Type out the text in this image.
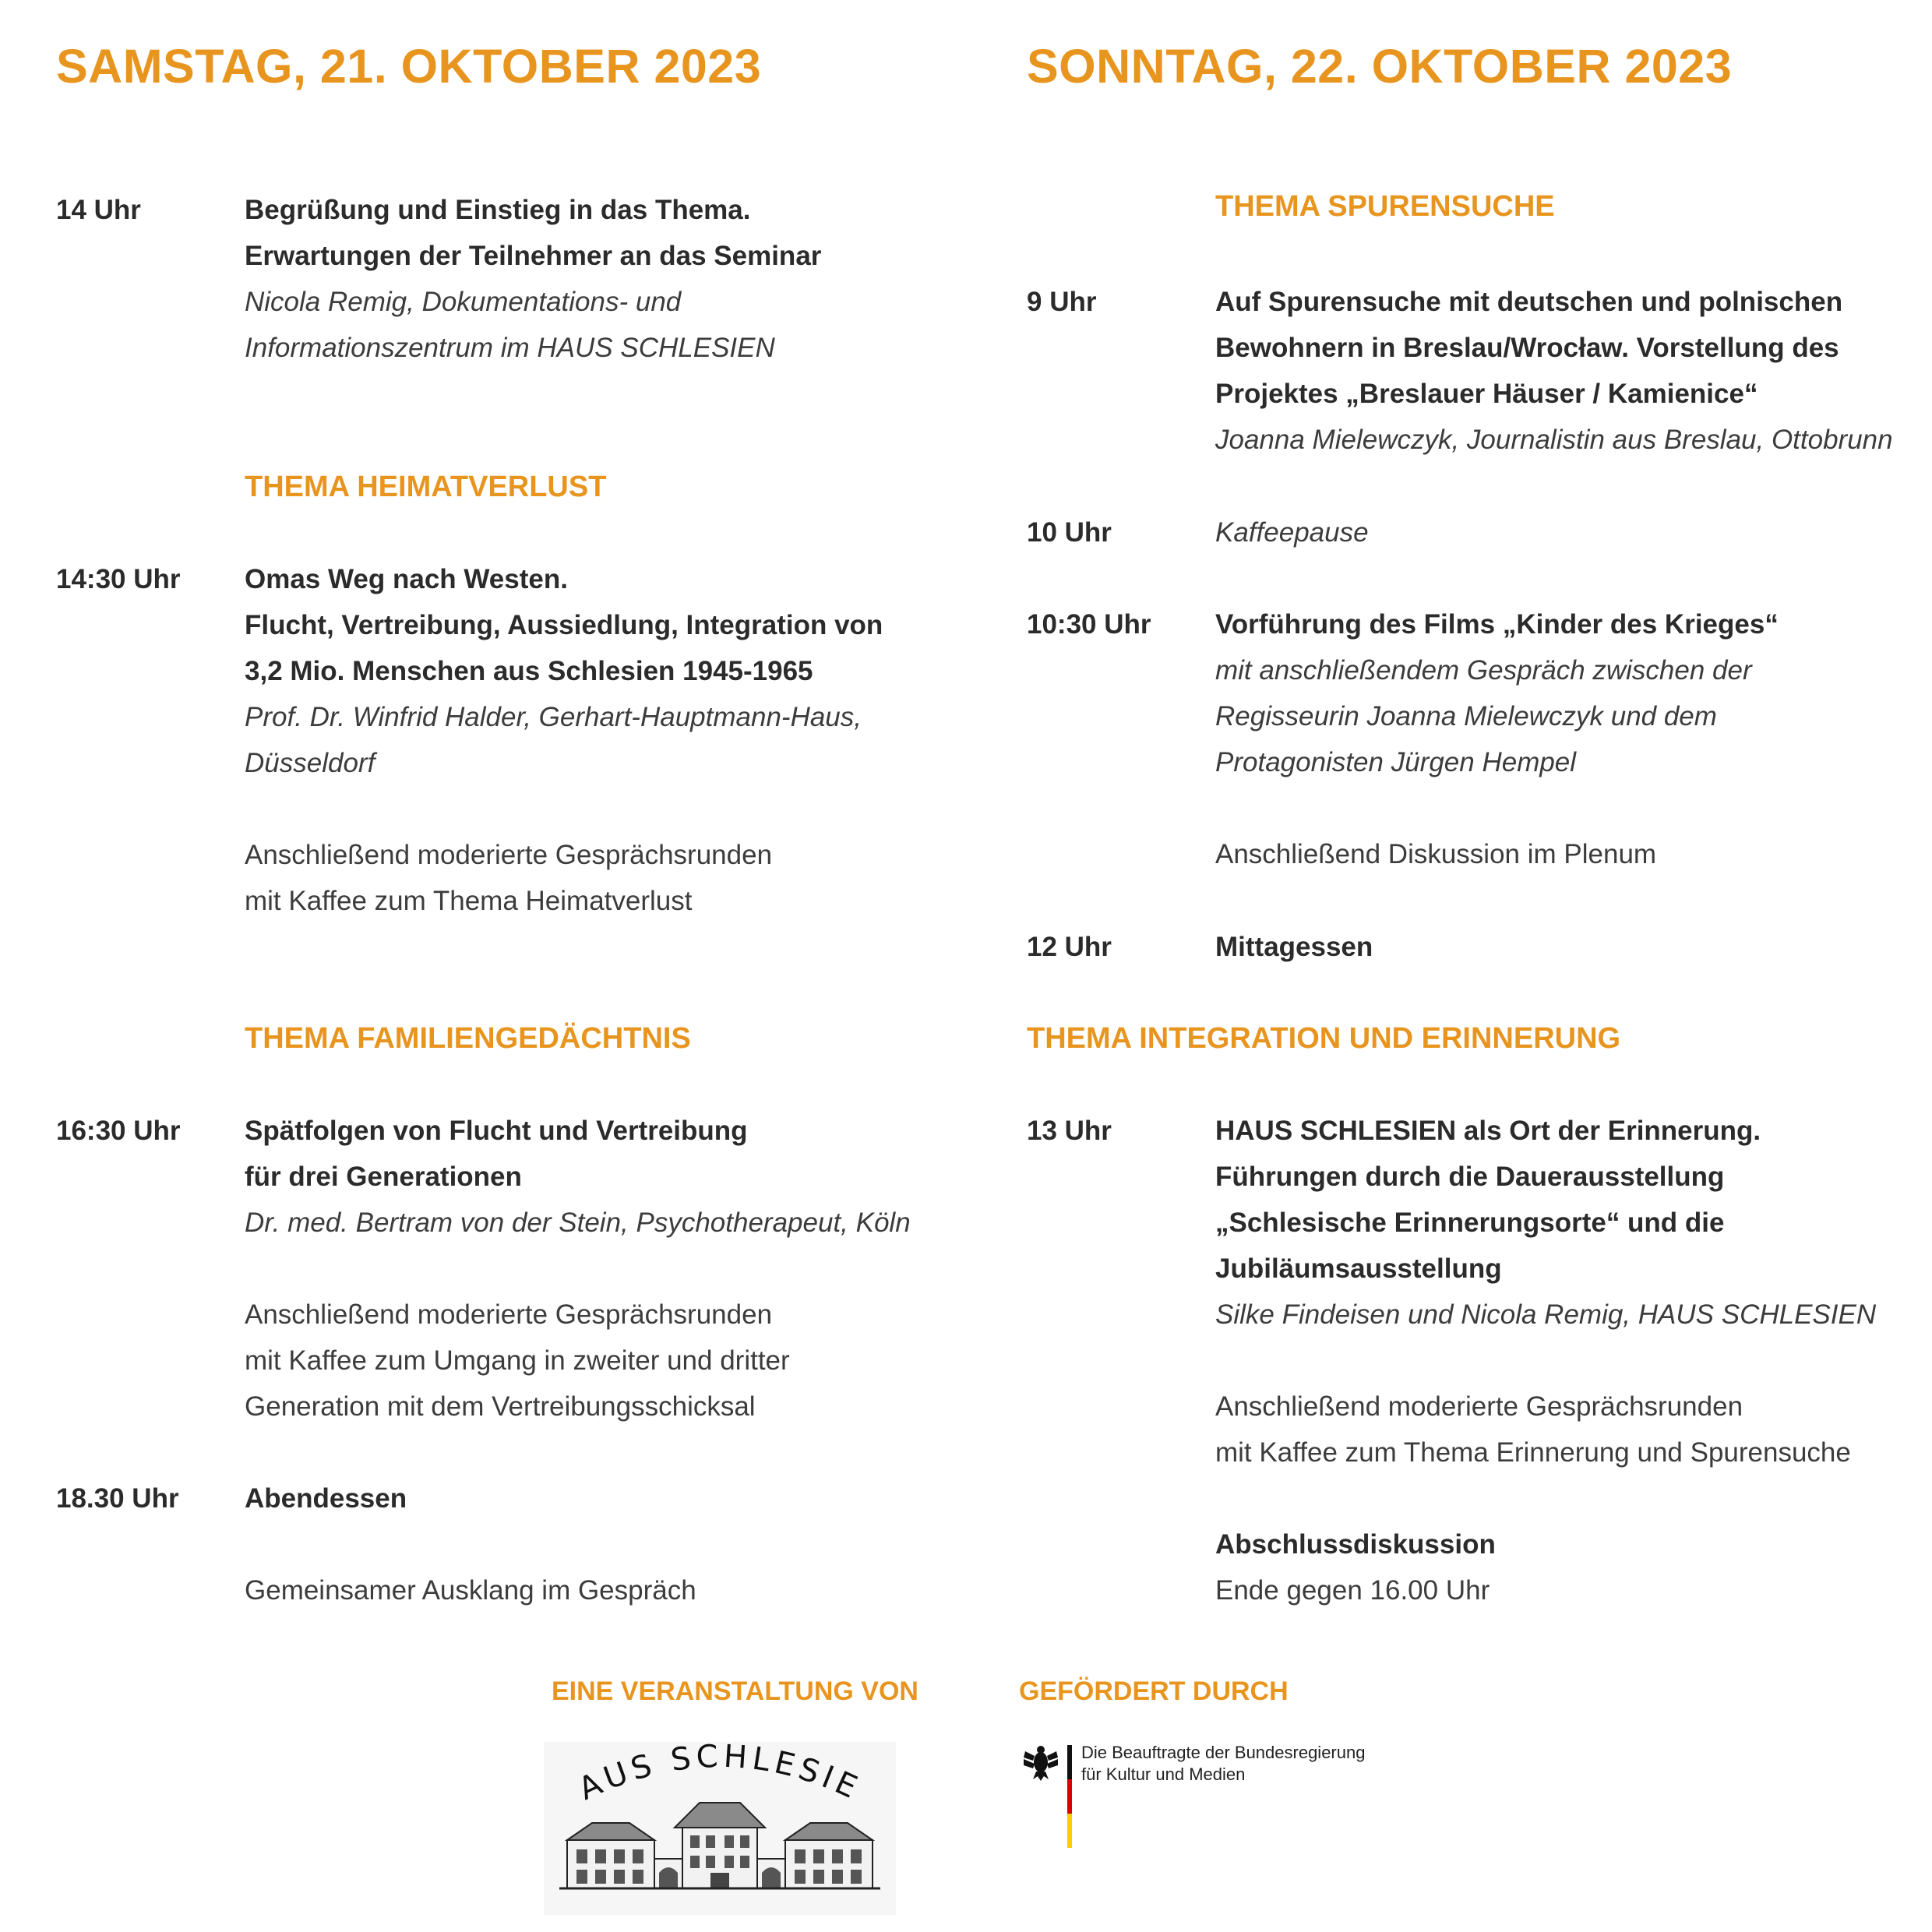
SAMSTAG, 21. OKTOBER 2023
14 Uhr	Begrüßung und Einstieg in das Thema.
Erwartungen der Teilnehmer an das Seminar
Nicola Remig, Dokumentations- und
Informationszentrum im HAUS SCHLESIEN
THEMA HEIMATVERLUST
14:30 Uhr Omas Weg nach Westen.
Flucht, Vertreibung, Aussiedlung, Integration von
3,2 Mio. Menschen aus Schlesien 1945-1965
Prof. Dr. Winfrid Halder, Gerhart-Hauptmann-Haus,
Düsseldorf
Anschließend moderierte Gesprächsrunden
mit Kaffee zum Thema Heimatverlust
THEMA FAMILIENGEDÄCHTNIS
16:30 Uhr Spätfolgen von Flucht und Vertreibung
für drei Generationen
Dr. med. Bertram von der Stein, Psychotherapeut, Köln
Anschließend moderierte Gesprächsrunden
mit Kaffee zum Umgang in zweiter und dritter
Generation mit dem Vertreibungsschicksal
18.30 Uhr Abendessen
Gemeinsamer Ausklang im Gespräch
SONNTAG, 22. OKTOBER 2023
THEMA SPURENSUCHE
9 Uhr	Auf Spurensuche mit deutschen und polnischen
Bewohnern in Breslau/Wrocław. Vorstellung des
Projektes „Breslauer Häuser / Kamienice“
Joanna Mielewczyk, Journalistin aus Breslau, Ottobrunn
10 Uhr	Kaffeepause
10:30 Uhr Vorführung des Films „Kinder des Krieges“
mit anschließendem Gespräch zwischen der
Regisseurin Joanna Mielewczyk und dem
Protagonisten Jürgen Hempel
Anschließend Diskussion im Plenum
12 Uhr	Mittagessen
THEMA INTEGRATION UND ERINNERUNG
13 Uhr	HAUS SCHLESIEN als Ort der Erinnerung.
Führungen durch die Dauerausstellung
„Schlesische Erinnerungsorte“ und die
Jubiläumsausstellung
Silke Findeisen und Nicola Remig, HAUS SCHLESIEN
Anschließend moderierte Gesprächsrunden
mit Kaffee zum Thema Erinnerung und Spurensuche
Abschlussdiskussion
Ende gegen 16.00 Uhr
EINE VERANSTALTUNG VON	GEFÖRDERT DURCH
AUS SCHLESIE
Die Beauftragte der Bundesregierung
für Kultur und Medien
